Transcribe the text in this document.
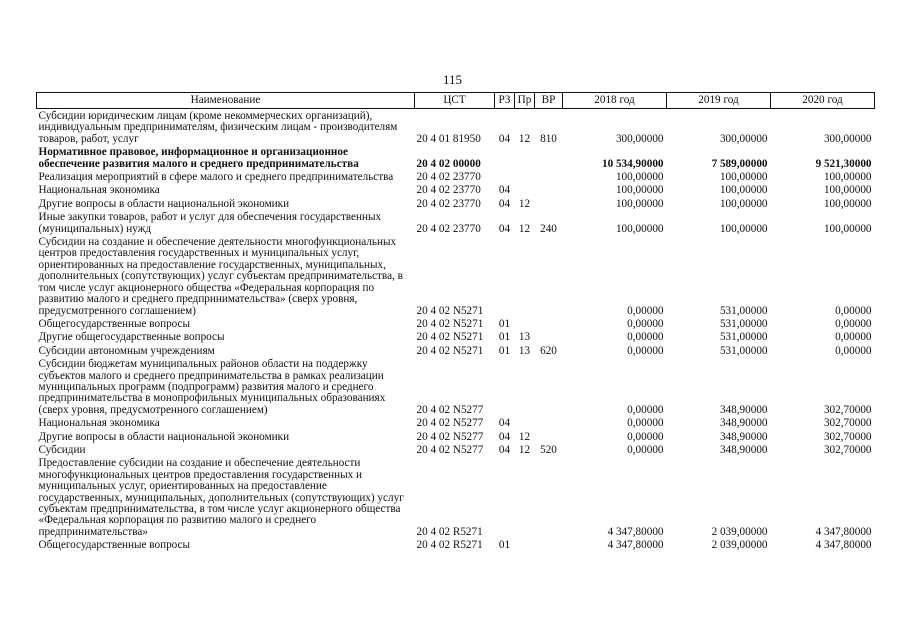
115
Наименование	ЦСТ	РЗ	Пр	ВР	2018 год	2019 год	2020 год
Субсидии юридическим лицам (кроме некоммерческих организаций), индивидуальным предпринимателям, физическим лицам - производителям товаров, работ, услуг	20 4 01 81950	04	12	810	300,00000	300,00000	300,00000
Нормативное правовое, информационное и организационное обеспечение развития малого и среднего предпринимательства	20 4 02 00000				10 534,90000	7 589,00000	9 521,30000
Реализация мероприятий в сфере малого и среднего предпринимательства	20 4 02 23770				100,00000	100,00000	100,00000
Национальная экономика	20 4 02 23770	04			100,00000	100,00000	100,00000
Другие вопросы в области национальной экономики	20 4 02 23770	04	12		100,00000	100,00000	100,00000
Иные закупки товаров, работ и услуг для обеспечения государственных (муниципальных) нужд	20 4 02 23770	04	12	240	100,00000	100,00000	100,00000
Субсидии на создание и обеспечение деятельности многофункциональных центров предоставления государственных и муниципальных услуг, ориентированных на предоставление государственных, муниципальных, дополнительных (сопутствующих) услуг субъектам предпринимательства, в том числе услуг акционерного общества «Федеральная корпорация по развитию малого и среднего предпринимательства» (сверх уровня, предусмотренного соглашением)	20 4 02 N5271				0,00000	531,00000	0,00000
Общегосударственные вопросы	20 4 02 N5271	01			0,00000	531,00000	0,00000
Другие общегосударственные вопросы	20 4 02 N5271	01	13		0,00000	531,00000	0,00000
Субсидии автономным учреждениям	20 4 02 N5271	01	13	620	0,00000	531,00000	0,00000
Субсидии бюджетам муниципальных районов области на поддержку субъектов малого и среднего предпринимательства в рамках реализации муниципальных программ (подпрограмм) развития малого и среднего предпринимательства в монопрофильных муниципальных образованиях (сверх уровня, предусмотренного соглашением)	20 4 02 N5277				0,00000	348,90000	302,70000
Национальная экономика	20 4 02 N5277	04			0,00000	348,90000	302,70000
Другие вопросы в области национальной экономики	20 4 02 N5277	04	12		0,00000	348,90000	302,70000
Субсидии	20 4 02 N5277	04	12	520	0,00000	348,90000	302,70000
Предоставление субсидии на создание и обеспечение деятельности многофункциональных центров предоставления государственных и муниципальных услуг, ориентированных на предоставление государственных, муниципальных, дополнительных (сопутствующих) услуг субъектам предпринимательства, в том числе услуг акционерного общества «Федеральная корпорация по развитию малого и среднего предпринимательства»	20 4 02 R5271				4 347,80000	2 039,00000	4 347,80000
Общегосударственные вопросы	20 4 02 R5271	01			4 347,80000	2 039,00000	4 347,80000
